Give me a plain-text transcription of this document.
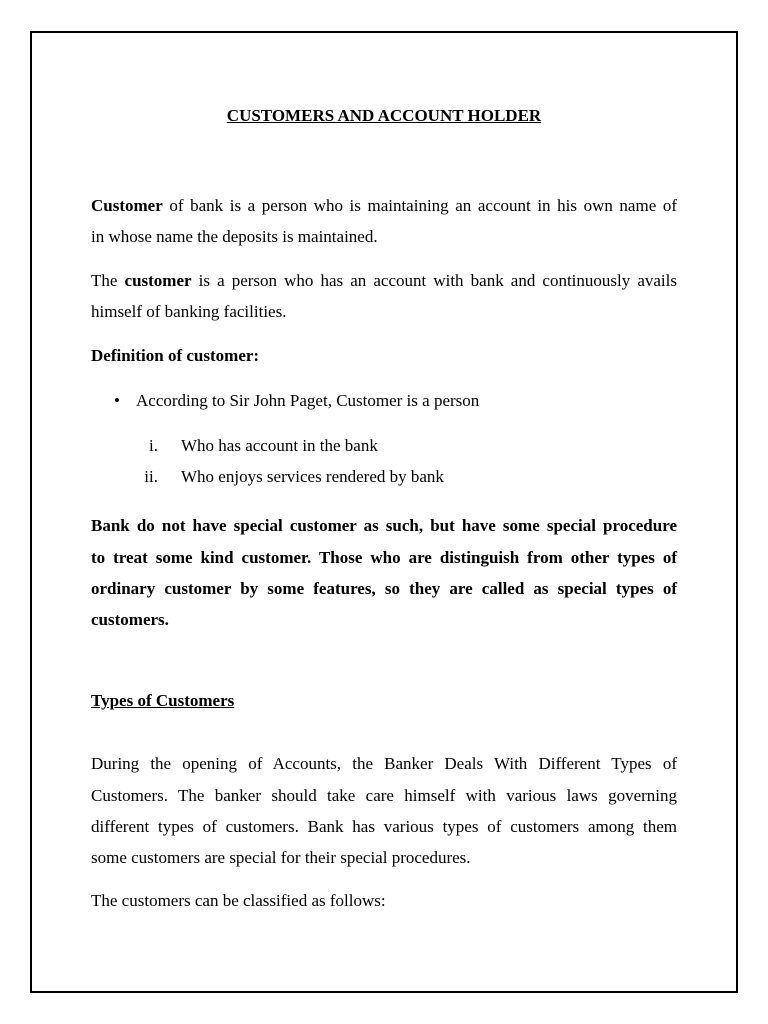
CUSTOMERS AND ACCOUNT HOLDER
Customer of bank is a person who is maintaining an account in his own name of
in whose name the deposits is maintained.
The customer is a person who has an account with bank and continuously avails
himself of banking facilities.
Definition of customer:
• According to Sir John Paget, Customer is a person
i. Who has account in the bank
ii. Who enjoys services rendered by bank
Bank do not have special customer as such, but have some special procedure
to treat some kind customer. Those who are distinguish from other types of
ordinary customer by some features, so they are called as special types of
customers.
Types of Customers
During the opening of Accounts, the Banker Deals With Different Types of
Customers. The banker should take care himself with various laws governing
different types of customers. Bank has various types of customers among them
some customers are special for their special procedures.
The customers can be classified as follows:
